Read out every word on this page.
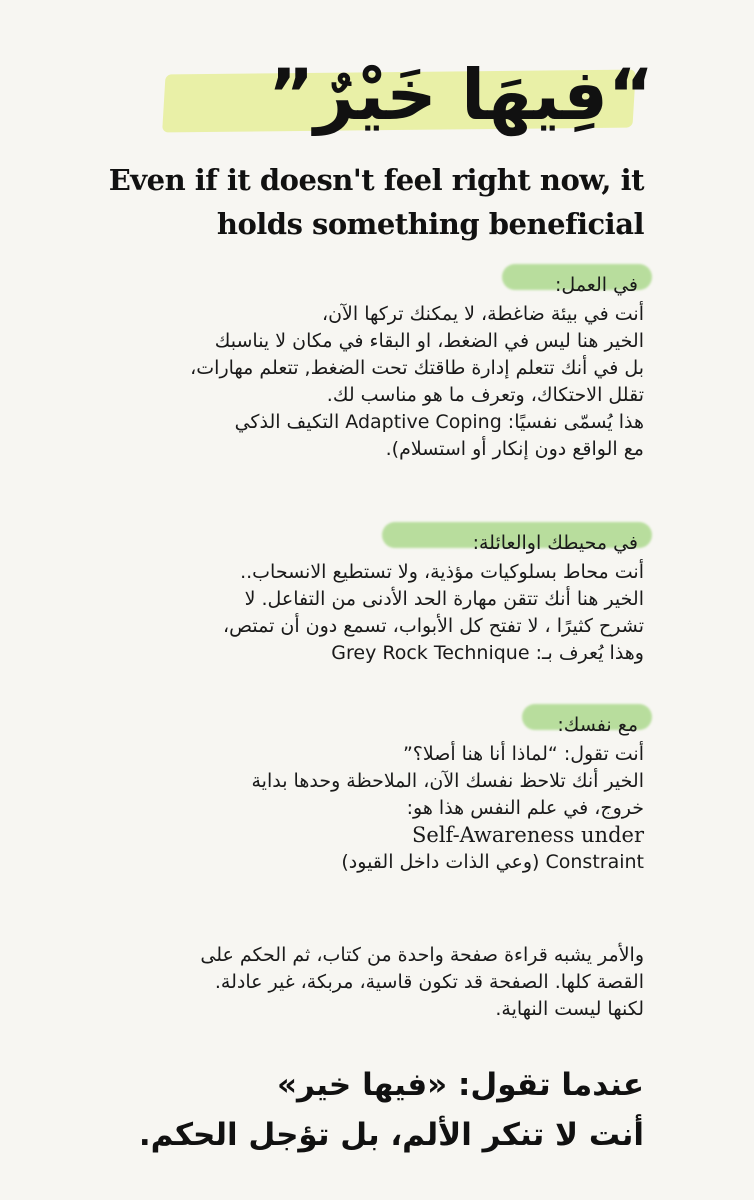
“فِيهَا خَيْرٌ”
Even if it doesn't feel right now, it
holds something beneficial
في العمل:
أنت في بيئة ضاغطة، لا يمكنك تركها الآن،
الخير هنا ليس في الضغط، او البقاء في مكان لا يناسبك
بل في أنك تتعلم إدارة طاقتك تحت الضغط, تتعلم مهارات،
تقلل الاحتكاك، وتعرف ما هو مناسب لك.
هذا يُسمّى نفسيًا: Adaptive Coping التكيف الذكي
مع الواقع دون إنكار أو استسلام).
في محيطك اوالعائلة:
أنت محاط بسلوكيات مؤذية، ولا تستطيع الانسحاب..
الخير هنا أنك تتقن مهارة الحد الأدنى من التفاعل. لا
تشرح كثيرًا ، لا تفتح كل الأبواب، تسمع دون أن تمتص،
وهذا يُعرف بـ: Grey Rock Technique
مع نفسك:
أنت تقول: “لماذا أنا هنا أصلا؟”
الخير أنك تلاحظ نفسك الآن، الملاحظة وحدها بداية
خروج، في علم النفس هذا هو:
Self-Awareness under
Constraint (وعي الذات داخل القيود)
والأمر يشبه قراءة صفحة واحدة من كتاب، ثم الحكم على
القصة كلها. الصفحة قد تكون قاسية، مربكة، غير عادلة.
لكنها ليست النهاية.
عندما تقول: «فيها خير»
أنت لا تنكر الألم، بل تؤجل الحكم.
